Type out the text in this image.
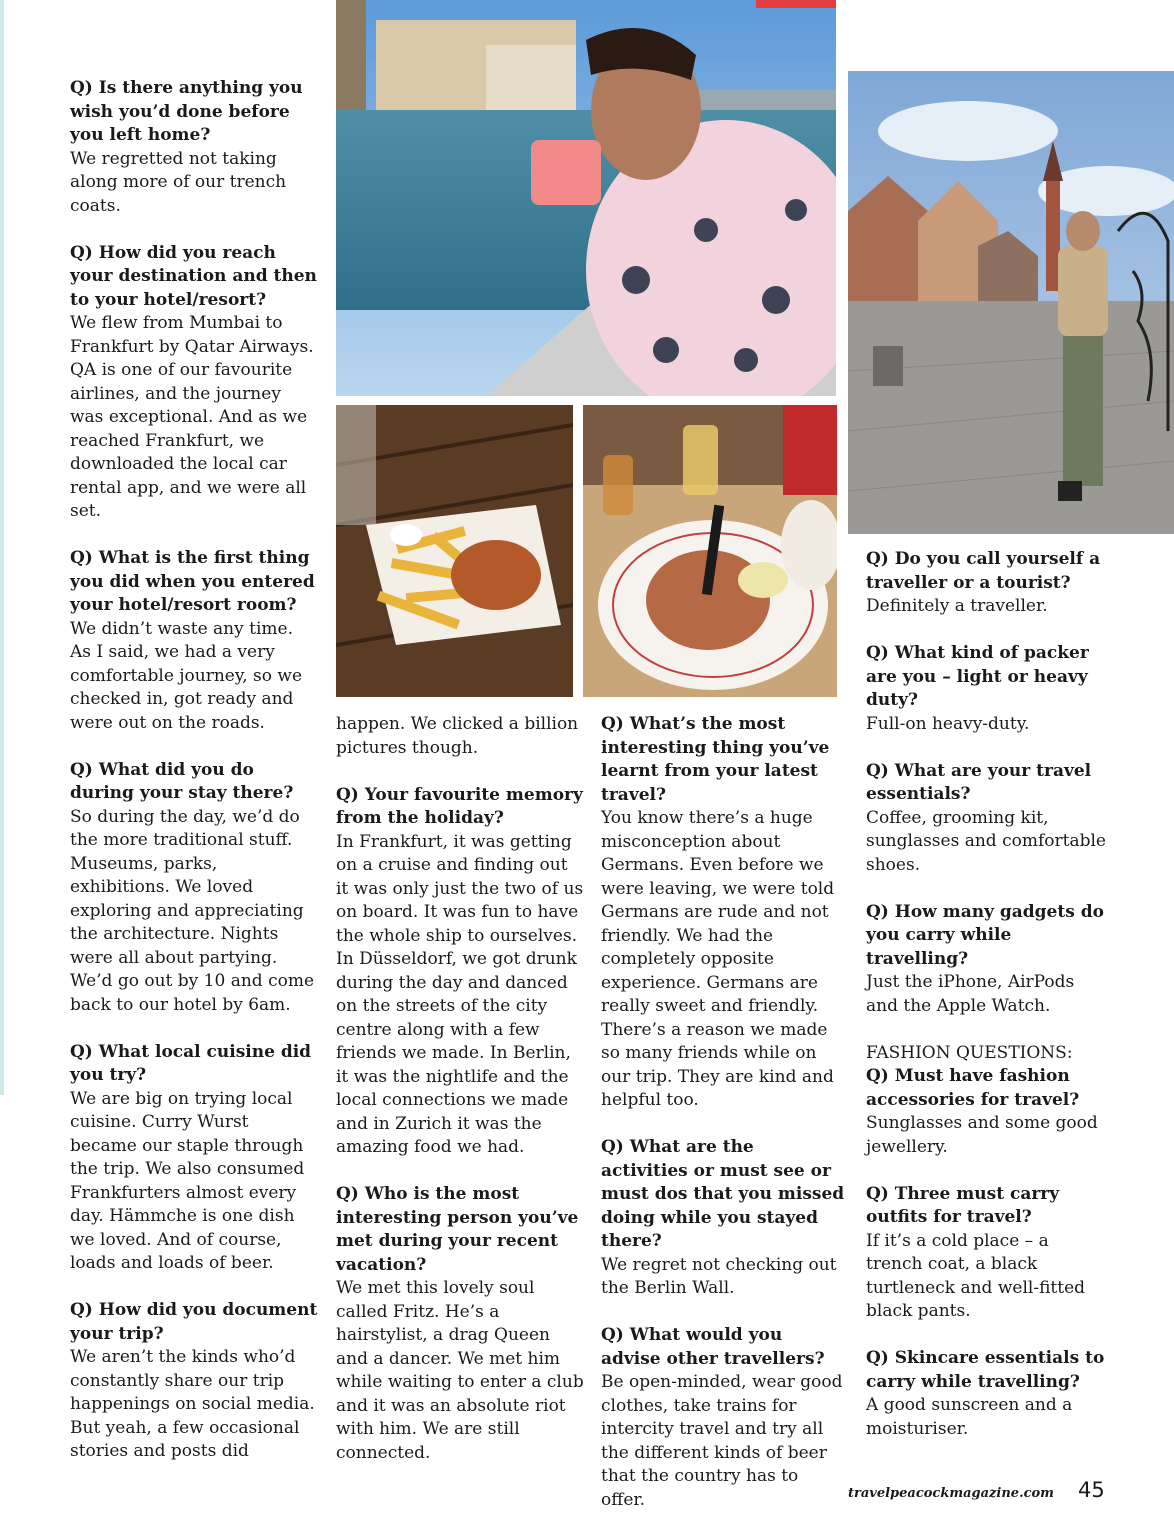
Q) Is there anything you wish you’d done before you left home?

We regretted not taking along more of our trench coats.

Q) How did you reach your destination and then to your hotel/resort?

We flew from Mumbai to Frankfurt by Qatar Airways. QA is one of our favourite airlines, and the journey was exceptional. And as we reached Frankfurt, we downloaded the local car rental app, and we were all set.

Q) What is the first thing you did when you entered your hotel/resort room?

We didn’t waste any time. As I said, we had a very comfortable journey, so we checked in, got ready and were out on the roads.

Q) What did you do during your stay there?

So during the day, we’d do the more traditional stuff. Museums, parks, exhibitions. We loved exploring and appreciating the architecture. Nights were all about partying. We’d go out by 10 and come back to our hotel by 6am.

Q) What local cuisine did you try?

We are big on trying local cuisine. Curry Wurst became our staple through the trip. We also consumed Frankfurters almost every day. Hämmche is one dish we loved. And of course, loads and loads of beer.

Q) How did you document your trip?

We aren’t the kinds who’d constantly share our trip happenings on social media. But yeah, a few occasional stories and posts did

happen. We clicked a billion pictures though.

Q) Your favourite memory from the holiday?

In Frankfurt, it was getting on a cruise and finding out it was only just the two of us on board. It was fun to have the whole ship to ourselves. In Düsseldorf, we got drunk during the day and danced on the streets of the city centre along with a few friends we made. In Berlin, it was the nightlife and the local connections we made and in Zurich it was the amazing food we had.

Q) Who is the most interesting person you’ve met during your recent vacation?

We met this lovely soul called Fritz. He’s a hairstylist, a drag Queen and a dancer. We met him while waiting to enter a club and it was an absolute riot with him. We are still connected.

Q) What’s the most interesting thing you’ve learnt from your latest travel?

You know there’s a huge misconception about Germans. Even before we were leaving, we were told Germans are rude and not friendly. We had the completely opposite experience. Germans are really sweet and friendly. There’s a reason we made so many friends while on our trip. They are kind and helpful too.

Q) What are the activities or must see or must dos that you missed doing while you stayed there?

We regret not checking out the Berlin Wall.

Q) What would you advise other travellers?

Be open-minded, wear good clothes, take trains for intercity travel and try all the different kinds of beer that the country has to offer.

Q) Do you call yourself a traveller or a tourist?

Definitely a traveller.

Q) What kind of packer are you – light or heavy duty?

Full-on heavy-duty.

Q) What are your travel essentials?

Coffee, grooming kit, sunglasses and comfortable shoes.

Q) How many gadgets do you carry while travelling?

Just the iPhone, AirPods and the Apple Watch.

FASHION QUESTIONS:

Q) Must have fashion accessories for travel?

Sunglasses and some good jewellery.

Q) Three must carry outfits for travel?

If it’s a cold place – a trench coat, a black turtleneck and well-fitted black pants.

Q) Skincare essentials to carry while travelling?

A good sunscreen and a moisturiser.

travelpeacockmagazine.com 45
